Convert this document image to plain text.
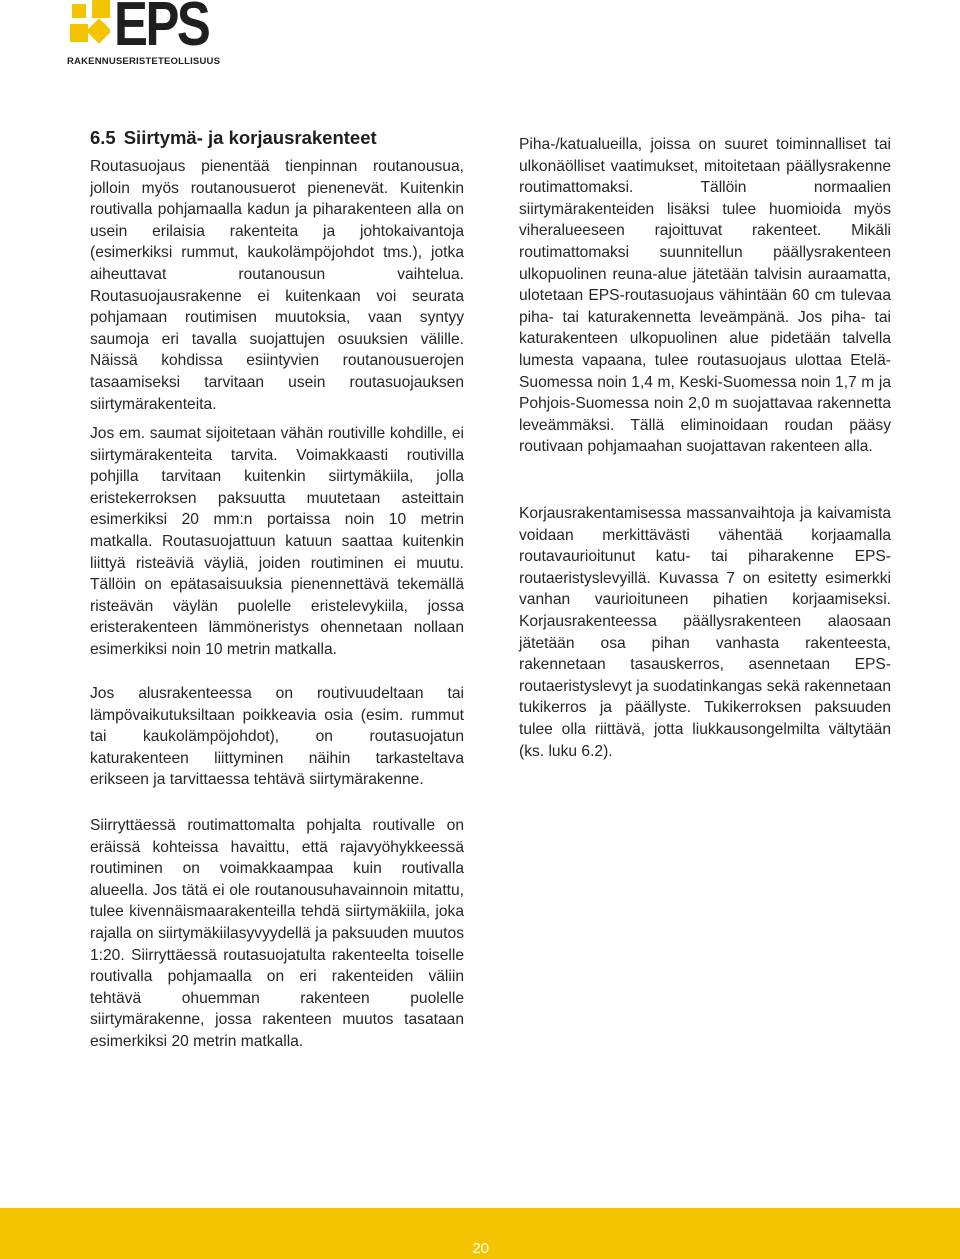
EPS
RAKENNUSERISTETEOLLISUUS
6.5 Siirtymä- ja korjausrakenteet

Routasuojaus pienentää tienpinnan routanousua, jolloin myös routanousuerot pienenevät. Kuitenkin routivalla pohjamaalla kadun ja piharakenteen alla on usein erilaisia rakenteita ja johtokaivantoja (esimerkiksi rummut, kaukolämpöjohdot tms.), jotka aiheuttavat routanousun vaihtelua. Routasuojausrakenne ei kuitenkaan voi seurata pohjamaan routimisen muutoksia, vaan syntyy saumoja eri tavalla suojattujen osuuksien välille. Näissä kohdissa esiintyvien routanousuerojen tasaamiseksi tarvitaan usein routasuojauksen siirtymärakenteita.

Jos em. saumat sijoitetaan vähän routiville kohdille, ei siirtymärakenteita tarvita. Voimakkaasti routivilla pohjilla tarvitaan kuitenkin siirtymäkiila, jolla eristekerroksen paksuutta muutetaan asteittain esimerkiksi 20 mm:n portaissa noin 10 metrin matkalla. Routasuojattuun katuun saattaa kuitenkin liittyä risteäviä väyliä, joiden routiminen ei muutu. Tällöin on epätasaisuuksia pienennettävä tekemällä risteävän väylän puolelle eristelevykiila, jossa eristerakenteen lämmöneristys ohennetaan nollaan esimerkiksi noin 10 metrin matkalla.

Jos alusrakenteessa on routivuudeltaan tai lämpövaikutuksiltaan poikkeavia osia (esim. rummut tai kaukolämpöjohdot), on routasuojatun katurakenteen liittyminen näihin tarkasteltava erikseen ja tarvittaessa tehtävä siirtymärakenne.

Siirryttäessä routimattomalta pohjalta routivalle on eräissä kohteissa havaittu, että rajavyöhykkeessä routiminen on voimakkaampaa kuin routivalla alueella. Jos tätä ei ole routanousuhavainnoin mitattu, tulee kivennäismaarakenteilla tehdä siirtymäkiila, joka rajalla on siirtymäkiilasyvyydellä ja paksuuden muutos 1:20. Siirryttäessä routasuojatulta rakenteelta toiselle routivalla pohjamaalla on eri rakenteiden väliin tehtävä ohuemman rakenteen puolelle siirtymärakenne, jossa rakenteen muutos tasataan esimerkiksi 20 metrin matkalla.

Piha-/katualueilla, joissa on suuret toiminnalliset tai ulkonäölliset vaatimukset, mitoitetaan päällysrakenne routimattomaksi. Tällöin normaalien siirtymärakenteiden lisäksi tulee huomioida myös viheralueeseen rajoittuvat rakenteet. Mikäli routimattomaksi suunnitellun päällysrakenteen ulkopuolinen reuna-alue jätetään talvisin auraamatta, ulotetaan EPS-routasuojaus vähintään 60 cm tulevaa piha- tai katurakennetta leveämpänä. Jos piha- tai katurakenteen ulkopuolinen alue pidetään talvella lumesta vapaana, tulee routasuojaus ulottaa Etelä-Suomessa noin 1,4 m, Keski-Suomessa noin 1,7 m ja Pohjois-Suomessa noin 2,0 m suojattavaa rakennetta leveämmäksi. Tällä eliminoidaan roudan pääsy routivaan pohjamaahan suojattavan rakenteen alla.

Korjausrakentamisessa massanvaihtoja ja kaivamista voidaan merkittävästi vähentää korjaamalla routavaurioitunut katu- tai piharakenne EPS-routaeristyslevyillä. Kuvassa 7 on esitetty esimerkki vanhan vaurioituneen pihatien korjaamiseksi. Korjausrakenteessa päällysrakenteen alaosaan jätetään osa pihan vanhasta rakenteesta, rakennetaan tasauskerros, asennetaan EPS-routaeristyslevyt ja suodatinkangas sekä rakennetaan tukikerros ja päällyste. Tukikerroksen paksuuden tulee olla riittävä, jotta liukkausongelmilta vältytään (ks. luku 6.2).

20
